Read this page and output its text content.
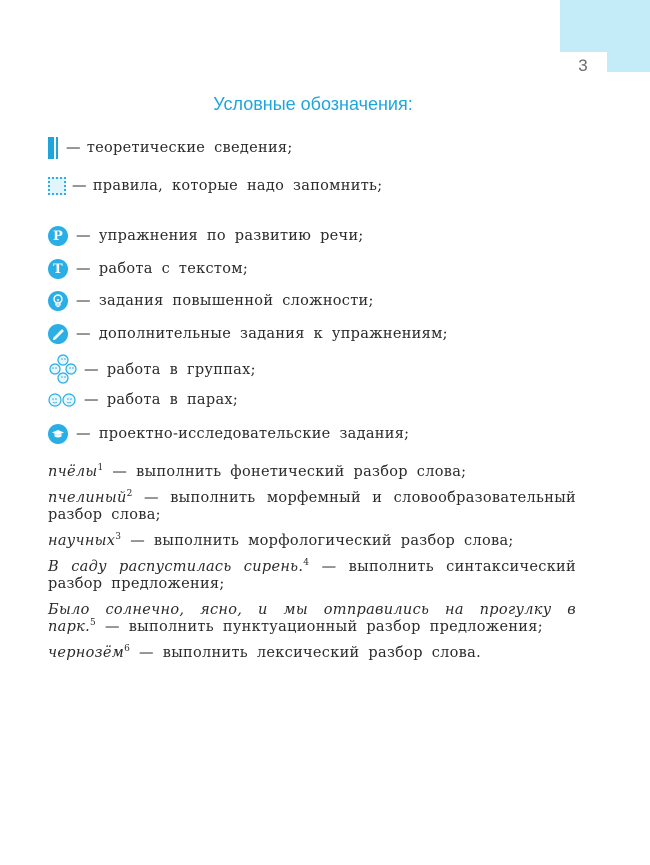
3
Условные обозначения:
— теоретические сведения;
— правила, которые надо запомнить;
Р — упражнения по развитию речи;
Т — работа с текстом;
— задания повышенной сложности;
— дополнительные задания к упражнениям;
— работа в группах;
— работа в парах;
— проектно-исследовательские задания;
пчёлы$^1$ — выполнить фонетический разбор слова;
пчелиный$^2$ — выполнить морфемный и словообразовательный разбор слова;
научных$^3$ — выполнить морфологический разбор слова;
В саду распустилась сирень.$^4$ — выполнить синтаксический разбор предложения;
Было солнечно, ясно, и мы отправились на прогулку в парк.$^5$ — выполнить пунктуационный разбор предложения;
чернозём$^6$ — выполнить лексический разбор слова.
